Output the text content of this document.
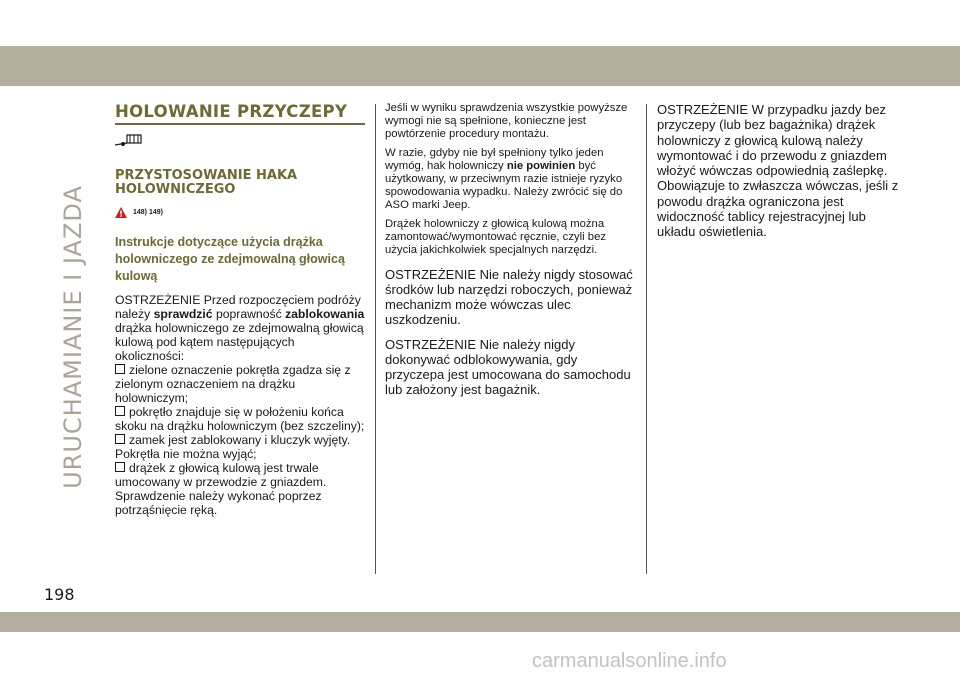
URUCHAMIANIE I JAZDA
HOLOWANIE PRZYCZEPY
PRZYSTOSOWANIE HAKA HOLOWNICZEGO
148) 149)
Instrukcje dotyczące użycia drążka holowniczego ze zdejmowalną głowicą kulową

OSTRZEŻENIE Przed rozpoczęciem podróży należy sprawdzić poprawność zablokowania drążka holowniczego ze zdejmowalną głowicą kulową pod kątem następujących okoliczności:

zielone oznaczenie pokrętła zgadza się z zielonym oznaczeniem na drążku holowniczym;

pokrętło znajduje się w położeniu końca skoku na drążku holowniczym (bez szczeliny);

zamek jest zablokowany i kluczyk wyjęty. Pokrętła nie można wyjąć;

drążek z głowicą kulową jest trwale umocowany w przewodzie z gniazdem. Sprawdzenie należy wykonać poprzez potrząśnięcie ręką.

Jeśli w wyniku sprawdzenia wszystkie powyższe wymogi nie są spełnione, konieczne jest powtórzenie procedury montażu.

W razie, gdyby nie był spełniony tylko jeden wymóg, hak holowniczy nie powinien być użytkowany, w przeciwnym razie istnieje ryzyko spowodowania wypadku. Należy zwrócić się do ASO marki Jeep.

Drążek holowniczy z głowicą kulową można zamontować/wymontować ręcznie, czyli bez użycia jakichkolwiek specjalnych narzędzi.

OSTRZEŻENIE Nie należy nigdy stosować środków lub narzędzi roboczych, ponieważ mechanizm może wówczas ulec uszkodzeniu.

OSTRZEŻENIE Nie należy nigdy dokonywać odblokowywania, gdy przyczepa jest umocowana do samochodu lub założony jest bagażnik.

OSTRZEŻENIE W przypadku jazdy bez przyczepy (lub bez bagażnika) drążek holowniczy z głowicą kulową należy wymontować i do przewodu z gniazdem włożyć wówczas odpowiednią zaślepkę. Obowiązuje to zwłaszcza wówczas, jeśli z powodu drążka ograniczona jest widoczność tablicy rejestracyjnej lub układu oświetlenia.

198
carmanualsonline.info
